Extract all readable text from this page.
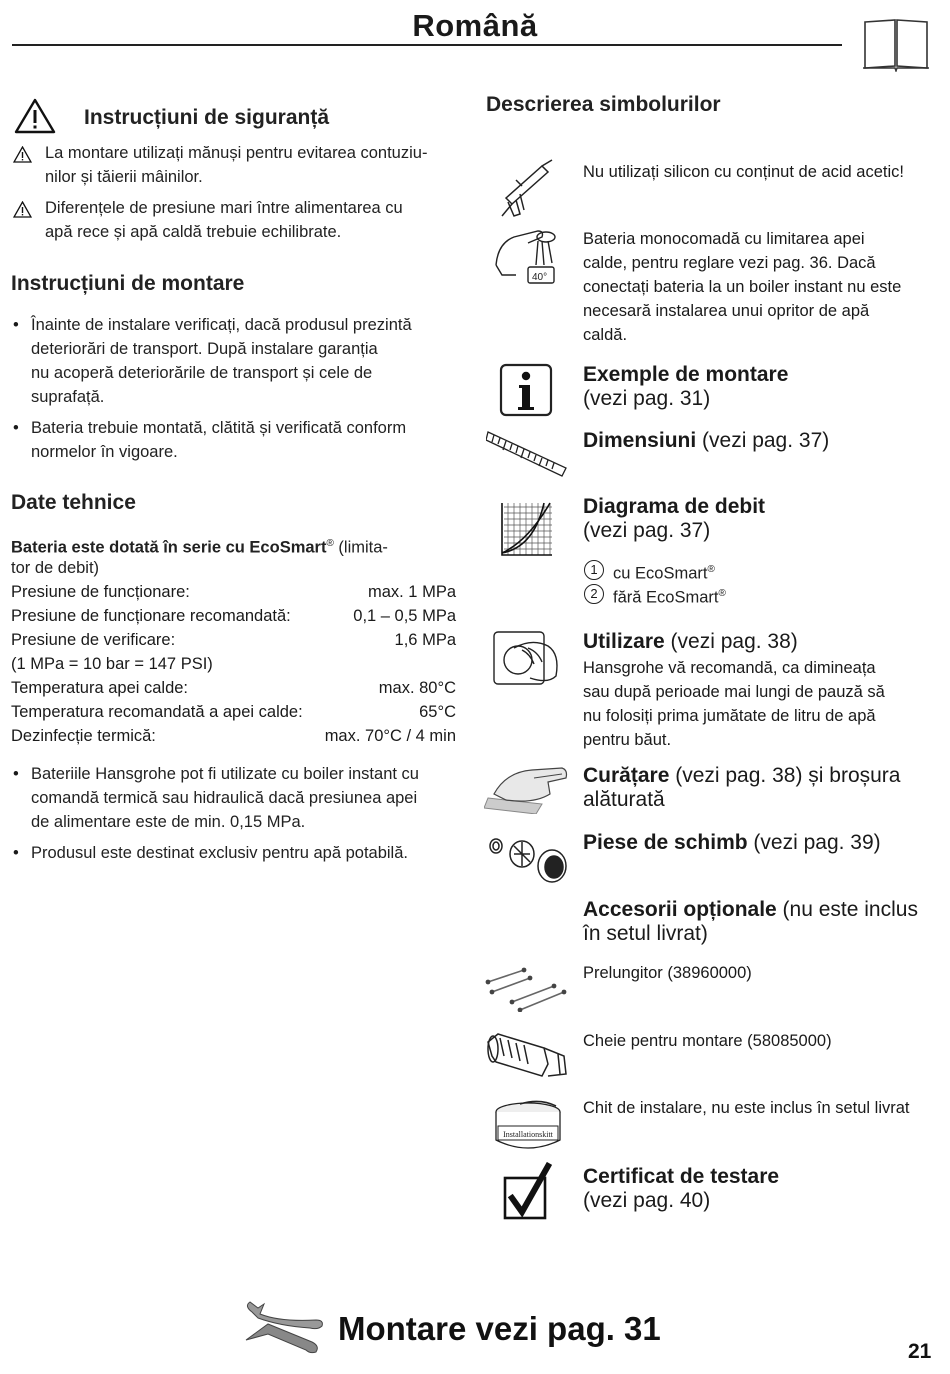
Română
Instrucțiuni de siguranță
La montare utilizați mănuși pentru evitarea contuziu-
nilor și tăierii mâinilor.
Diferențele de presiune mari între alimentarea cu
apă rece și apă caldă trebuie echilibrate.
Instrucțiuni de montare
• Înainte de instalare verificați, dacă produsul prezintă
deteriorări de transport. După instalare garanția
nu acoperă deteriorările de transport și cele de
suprafață.
• Bateria trebuie montată, clătită și verificată conform
normelor în vigoare.
Date tehnice
Bateria este dotată în serie cu EcoSmart® (limita-
tor de debit)
Presiune de funcționare:	max. 1 MPa
Presiune de funcționare recomandată:	0,1 – 0,5 MPa
Presiune de verificare:	1,6 MPa
(1 MPa = 10 bar = 147 PSI)
Temperatura apei calde:	max. 80°C
Temperatura recomandată a apei calde:	65°C
Dezinfecție termică:	max. 70°C / 4 min
• Bateriile Hansgrohe pot fi utilizate cu boiler instant cu
comandă termică sau hidraulică dacă presiunea apei
de alimentare este de min. 0,15 MPa.
• Produsul este destinat exclusiv pentru apă potabilă.
Descrierea simbolurilor
Nu utilizați silicon cu conținut de acid acetic!
40°
Bateria monocomadă cu limitarea apei
calde, pentru reglare vezi pag. 36. Dacă
conectați bateria la un boiler instant nu este
necesară instalarea unui opritor de apă
caldă.
Exemple de montare
(vezi pag. 31)
Dimensiuni (vezi pag. 37)
Diagrama de debit
(vezi pag. 37)
1 cu EcoSmart®
2 fără EcoSmart®
Utilizare (vezi pag. 38)
Hansgrohe vă recomandă, ca dimineața
sau după perioade mai lungi de pauză să
nu folosiți prima jumătate de litru de apă
pentru băut.
Curățare (vezi pag. 38) și broșura
alăturată
Piese de schimb (vezi pag. 39)
Accesorii opționale (nu este inclus
în setul livrat)
Prelungitor (38960000)
Cheie pentru montare (58085000)
Installationskitt
Chit de instalare, nu este inclus în setul livrat
Certificat de testare
(vezi pag. 40)
Montare vezi pag. 31
21
